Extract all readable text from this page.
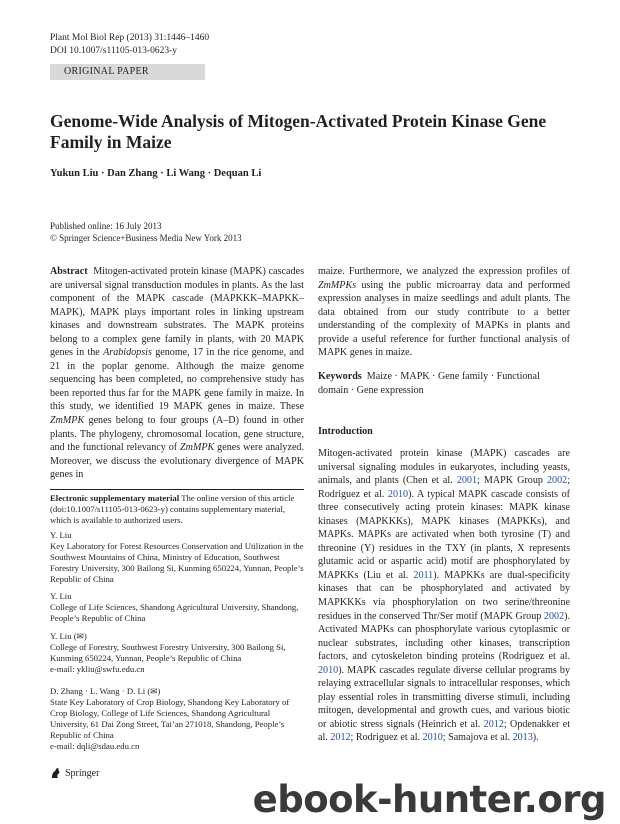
Plant Mol Biol Rep (2013) 31:1446–1460
DOI 10.1007/s11105-013-0623-y
ORIGINAL PAPER
Genome-Wide Analysis of Mitogen-Activated Protein Kinase Gene Family in Maize
Yukun Liu · Dan Zhang · Li Wang · Dequan Li
Published online: 16 July 2013
© Springer Science+Business Media New York 2013

Abstract Mitogen-activated protein kinase (MAPK) cascades are universal signal transduction modules in plants. As the last component of the MAPK cascade (MAPKKK–MAPKK–MAPK), MAPK plays important roles in linking upstream kinases and downstream substrates. The MAPK proteins belong to a complex gene family in plants, with 20 MAPK genes in the Arabidopsis genome, 17 in the rice genome, and 21 in the poplar genome. Although the maize genome sequencing has been completed, no comprehensive study has been reported thus far for the MAPK gene family in maize. In this study, we identified 19 MAPK genes in maize. These ZmMPK genes belong to four groups (A–D) found in other plants. The phylogeny, chromosomal location, gene structure, and the functional relevancy of ZmMPK genes were analyzed. Moreover, we discuss the evolutionary divergence of MAPK genes in

Electronic supplementary material The online version of this article (doi:10.1007/s11105-013-0623-y) contains supplementary material, which is available to authorized users.
Y. Liu
Key Laboratory for Forest Resources Conservation and Utilization in the Southwest Mountains of China, Ministry of Education, Southwest Forestry University, 300 Bailong Si, Kunming 650224, Yunnan, People’s Republic of China
Y. Liu
College of Life Sciences, Shandong Agricultural University, Shandong, People’s Republic of China
Y. Liu (✉)
College of Forestry, Southwest Forestry University, 300 Bailong Si, Kunming 650224, Yunnan, People’s Republic of China
e-mail: ykliu@swfu.edu.cn
D. Zhang · L. Wang · D. Li (✉)
State Key Laboratory of Crop Biology, Shandong Key Laboratory of Crop Biology, College of Life Sciences, Shandong Agricultural University, 61 Dai Zong Street, Tai’an 271018, Shandong, People’s Republic of China
e-mail: dqli@sdau.edu.cn

maize. Furthermore, we analyzed the expression profiles of ZmMPKs using the public microarray data and performed expression analyses in maize seedlings and adult plants. The data obtained from our study contribute to a better understanding of the complexity of MAPKs in plants and provide a useful reference for further functional analysis of MAPK genes in maize.

Keywords Maize · MAPK · Gene family · Functional domain · Gene expression

Introduction

Mitogen-activated protein kinase (MAPK) cascades are universal signaling modules in eukaryotes, including yeasts, animals, and plants (Chen et al. 2001; MAPK Group 2002; Rodriguez et al. 2010). A typical MAPK cascade consists of three consecutively acting protein kinases: MAPK kinase kinases (MAPKKKs), MAPK kinases (MAPKKs), and MAPKs. MAPKs are activated when both tyrosine (T) and threonine (Y) residues in the TXY (in plants, X represents glutamic acid or aspartic acid) motif are phosphorylated by MAPKKs (Liu et al. 2011). MAPKKs are dual-specificity kinases that can be phosphorylated and activated by MAPKKKs via phosphorylation on two serine/threonine residues in the conserved Thr/Ser motif (MAPK Group 2002). Activated MAPKs can phosphorylate various cytoplasmic or nuclear substrates, including other kinases, transcription factors, and cytoskeleton binding proteins (Rodriguez et al. 2010). MAPK cascades regulate diverse cellular programs by relaying extracellular signals to intracellular responses, which play essential roles in transmitting diverse stimuli, including mitogen, developmental and growth cues, and various biotic or abiotic stress signals (Heinrich et al. 2012; Opdenakker et al. 2012; Rodriguez et al. 2010; Samajova et al. 2013).

Springer
ebook-hunter.org
